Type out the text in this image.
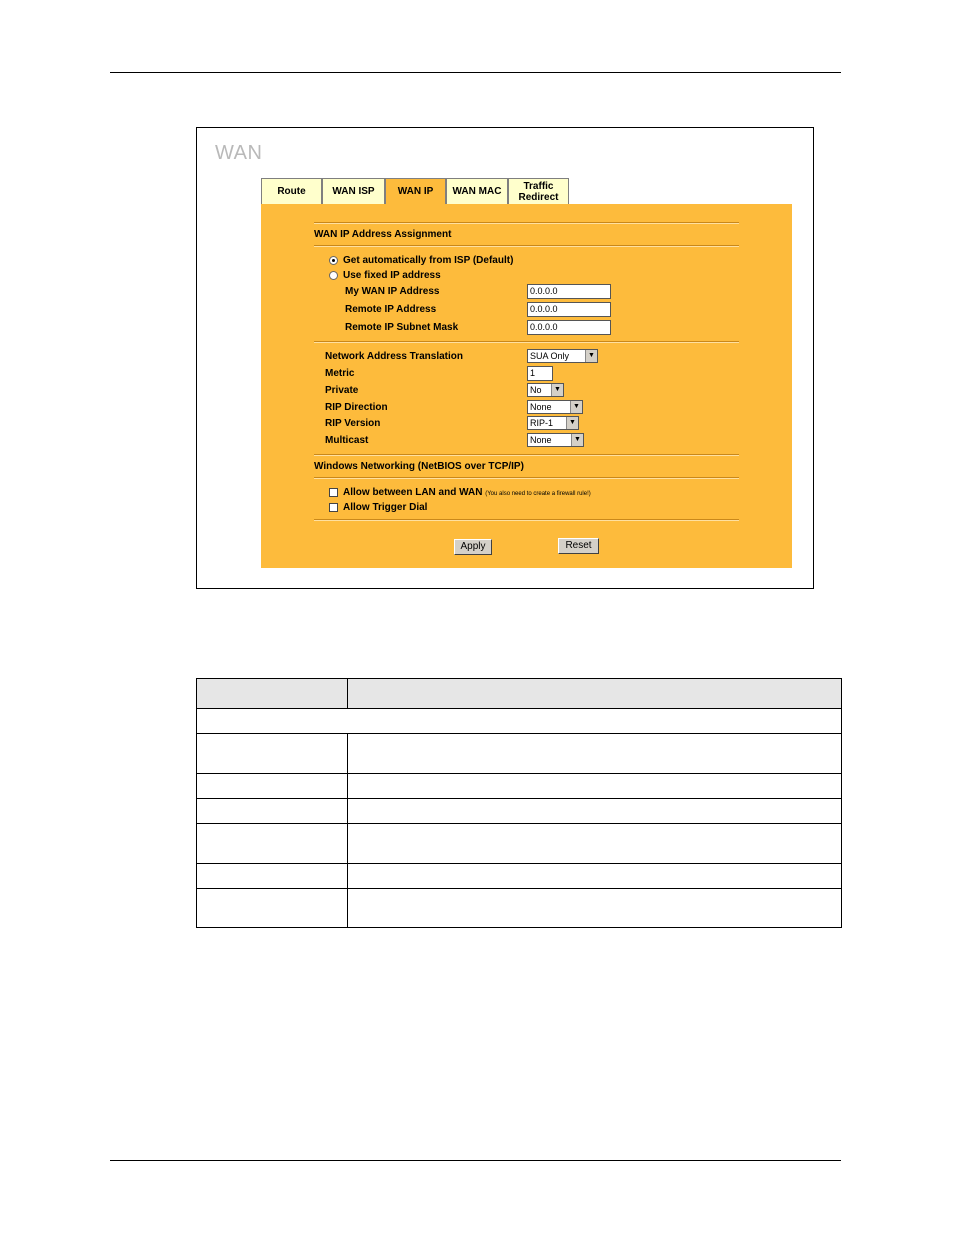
WAN
Route	WAN ISP	WAN IP	WAN MAC	Traffic
Redirect
WAN IP Address Assignment
Get automatically from ISP (Default)
Use fixed IP address
My WAN IP Address	0.0.0.0
Remote IP Address	0.0.0.0
Remote IP Subnet Mask	0.0.0.0
Network Address Translation	SUA Only	▼
Metric	1
Private	No	▼
RIP Direction	None	▼
RIP Version	RIP-1	▼
Multicast	None	▼
Windows Networking (NetBIOS over TCP/IP)
Allow between LAN and WAN (You also need to create a firewall rule!)
Allow Trigger Dial
Apply	Reset
